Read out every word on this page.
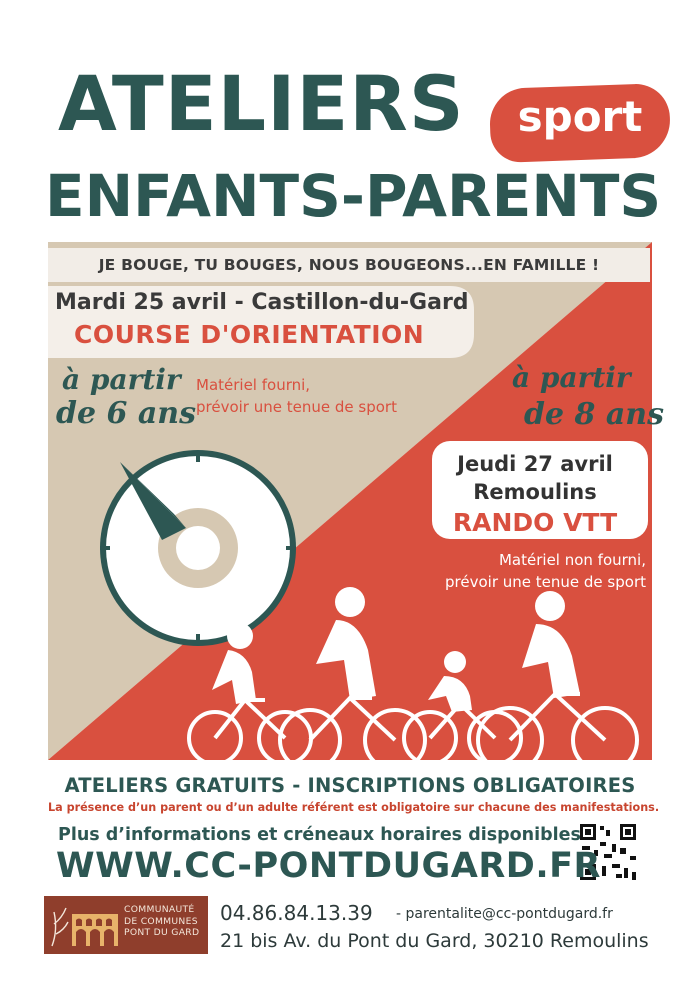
ATELIERS	sport
ENFANTS-PARENTS
JE BOUGE, TU BOUGES, NOUS BOUGEONS...EN FAMILLE !
Mardi 25 avril - Castillon-du-Gard
COURSE D'ORIENTATION
à partir
de 6 ans
Matériel fourni,
prévoir une tenue de sport
à partir
de 8 ans
Jeudi 27 avril
Remoulins
RANDO VTT
Matériel non fourni,
prévoir une tenue de sport
ATELIERS GRATUITS - INSCRIPTIONS OBLIGATOIRES
La présence d’un parent ou d’un adulte référent est obligatoire sur chacune des manifestations.
Plus d’informations et créneaux horaires disponibles
WWW.CC-PONTDUGARD.FR
COMMUNAUTÉ
DE COMMUNES
PONT DU GARD
04.86.84.13.39 - parentalite@cc-pontdugard.fr
21 bis Av. du Pont du Gard, 30210 Remoulins
